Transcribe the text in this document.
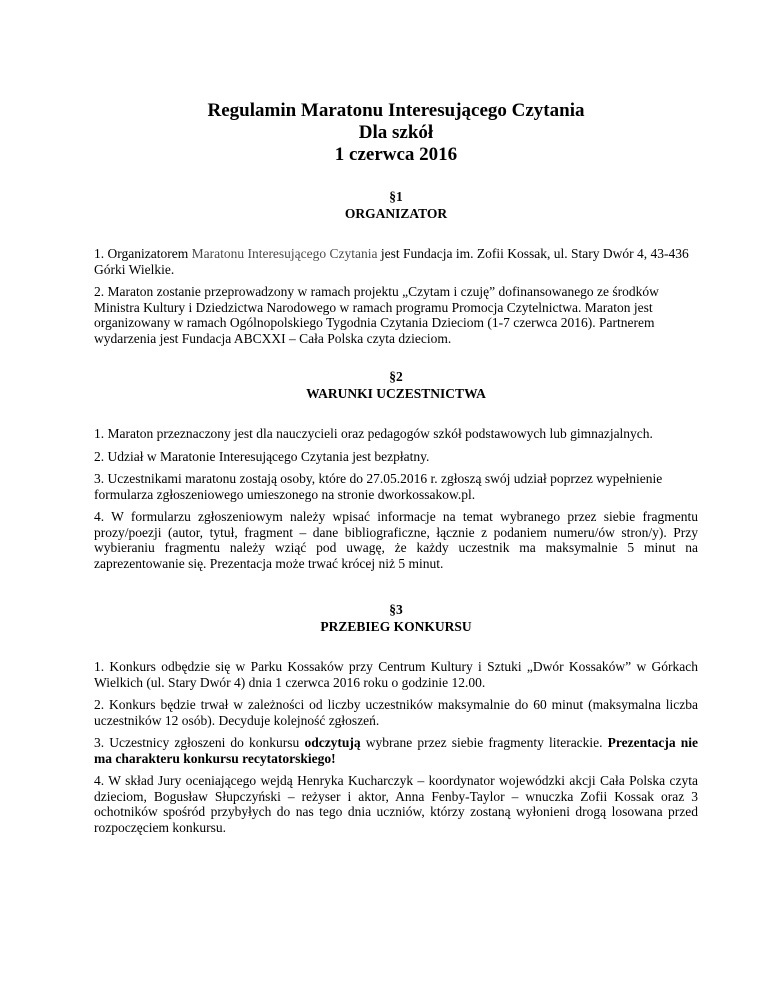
Regulamin Maratonu Interesującego Czytania
Dla szkół
1 czerwca 2016
§1
ORGANIZATOR

1. Organizatorem Maratonu Interesującego Czytania jest Fundacja im. Zofii Kossak, ul. Stary Dwór 4, 43-436 Górki Wielkie.

2. Maraton zostanie przeprowadzony w ramach projektu „Czytam i czuję” dofinansowanego ze środków Ministra Kultury i Dziedzictwa Narodowego w ramach programu Promocja Czytelnictwa. Maraton jest organizowany w ramach Ogólnopolskiego Tygodnia Czytania Dzieciom (1-7 czerwca 2016). Partnerem wydarzenia jest Fundacja ABCXXI – Cała Polska czyta dzieciom.

§2
WARUNKI UCZESTNICTWA

1. Maraton przeznaczony jest dla nauczycieli oraz pedagogów szkół podstawowych lub gimnazjalnych.

2. Udział w Maratonie Interesującego Czytania jest bezpłatny.

3. Uczestnikami maratonu zostają osoby, które do 27.05.2016 r. zgłoszą swój udział poprzez wypełnienie formularza zgłoszeniowego umieszonego na stronie dworkossakow.pl.

4. W formularzu zgłoszeniowym należy wpisać informacje na temat wybranego przez siebie fragmentu prozy/poezji (autor, tytuł, fragment – dane bibliograficzne, łącznie z podaniem numeru/ów stron/y). Przy wybieraniu fragmentu należy wziąć pod uwagę, że każdy uczestnik ma maksymalnie 5 minut na zaprezentowanie się. Prezentacja może trwać krócej niż 5 minut.

§3
PRZEBIEG KONKURSU

1. Konkurs odbędzie się w Parku Kossaków przy Centrum Kultury i Sztuki „Dwór Kossaków” w Górkach Wielkich (ul. Stary Dwór 4) dnia 1 czerwca 2016 roku o godzinie 12.00.

2. Konkurs będzie trwał w zależności od liczby uczestników maksymalnie do 60 minut (maksymalna liczba uczestników 12 osób). Decyduje kolejność zgłoszeń.

3. Uczestnicy zgłoszeni do konkursu odczytują wybrane przez siebie fragmenty literackie. Prezentacja nie ma charakteru konkursu recytatorskiego!

4. W skład Jury oceniającego wejdą Henryka Kucharczyk – koordynator wojewódzki akcji Cała Polska czyta dzieciom, Bogusław Słupczyński – reżyser i aktor, Anna Fenby-Taylor – wnuczka Zofii Kossak oraz 3 ochotników spośród przybyłych do nas tego dnia uczniów, którzy zostaną wyłonieni drogą losowana przed rozpoczęciem konkursu.
